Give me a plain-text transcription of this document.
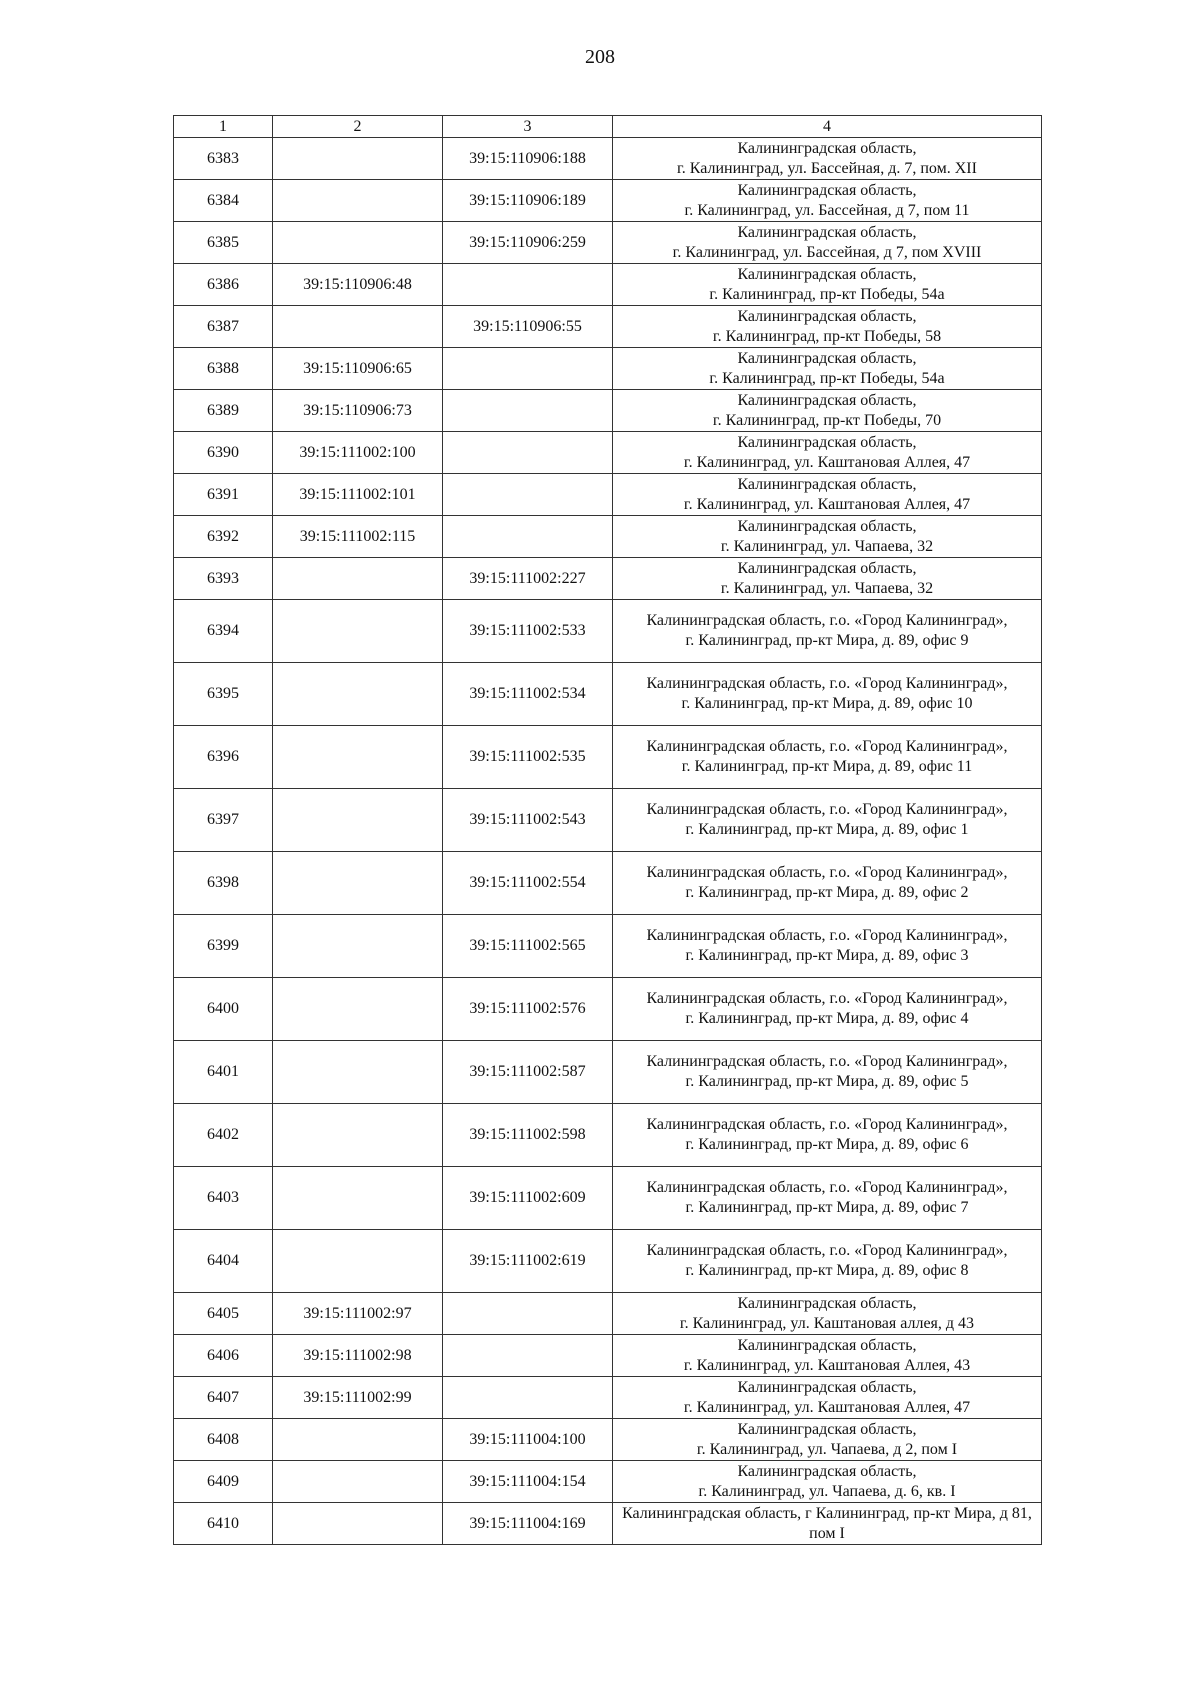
208
1	2	3	4
6383		39:15:110906:188	Калининградская область,
г. Калининград, ул. Бассейная, д. 7, пом. XII

6384		39:15:110906:189	Калининградская область,
г. Калининград, ул. Бассейная, д 7, пом 11

6385		39:15:110906:259	Калининградская область,
г. Калининград, ул. Бассейная, д 7, пом XVIII

6386	39:15:110906:48		Калининградская область,
г. Калининград, пр-кт Победы, 54а

6387		39:15:110906:55	Калининградская область,
г. Калининград, пр-кт Победы, 58

6388	39:15:110906:65		Калининградская область,
г. Калининград, пр-кт Победы, 54а

6389	39:15:110906:73		Калининградская область,
г. Калининград, пр-кт Победы, 70

6390	39:15:111002:100		Калининградская область,
г. Калининград, ул. Каштановая Аллея, 47

6391	39:15:111002:101		Калининградская область,
г. Калининград, ул. Каштановая Аллея, 47

6392	39:15:111002:115		Калининградская область,
г. Калининград, ул. Чапаева, 32

6393		39:15:111002:227	Калининградская область,
г. Калининград, ул. Чапаева, 32

6394		39:15:111002:533	Калининградская область, г.о. «Город Калининград»,
г. Калининград, пр-кт Мира, д. 89, офис 9

6395		39:15:111002:534	Калининградская область, г.о. «Город Калининград»,
г. Калининград, пр-кт Мира, д. 89, офис 10

6396		39:15:111002:535	Калининградская область, г.о. «Город Калининград»,
г. Калининград, пр-кт Мира, д. 89, офис 11

6397		39:15:111002:543	Калининградская область, г.о. «Город Калининград»,
г. Калининград, пр-кт Мира, д. 89, офис 1

6398		39:15:111002:554	Калининградская область, г.о. «Город Калининград»,
г. Калининград, пр-кт Мира, д. 89, офис 2

6399		39:15:111002:565	Калининградская область, г.о. «Город Калининград»,
г. Калининград, пр-кт Мира, д. 89, офис 3

6400		39:15:111002:576	Калининградская область, г.о. «Город Калининград»,
г. Калининград, пр-кт Мира, д. 89, офис 4

6401		39:15:111002:587	Калининградская область, г.о. «Город Калининград»,
г. Калининград, пр-кт Мира, д. 89, офис 5

6402		39:15:111002:598	Калининградская область, г.о. «Город Калининград»,
г. Калининград, пр-кт Мира, д. 89, офис 6

6403		39:15:111002:609	Калининградская область, г.о. «Город Калининград»,
г. Калининград, пр-кт Мира, д. 89, офис 7

6404		39:15:111002:619	Калининградская область, г.о. «Город Калининград»,
г. Калининград, пр-кт Мира, д. 89, офис 8

6405	39:15:111002:97		Калининградская область,
г. Калининград, ул. Каштановая аллея, д 43

6406	39:15:111002:98		Калининградская область,
г. Калининград, ул. Каштановая Аллея, 43

6407	39:15:111002:99		Калининградская область,
г. Калининград, ул. Каштановая Аллея, 47

6408		39:15:111004:100	Калининградская область,
г. Калининград, ул. Чапаева, д 2, пом I

6409		39:15:111004:154	Калининградская область,
г. Калининград, ул. Чапаева, д. 6, кв. I

6410		39:15:111004:169	Калининградская область, г Калининград, пр-кт Мира, д 81, пом I
